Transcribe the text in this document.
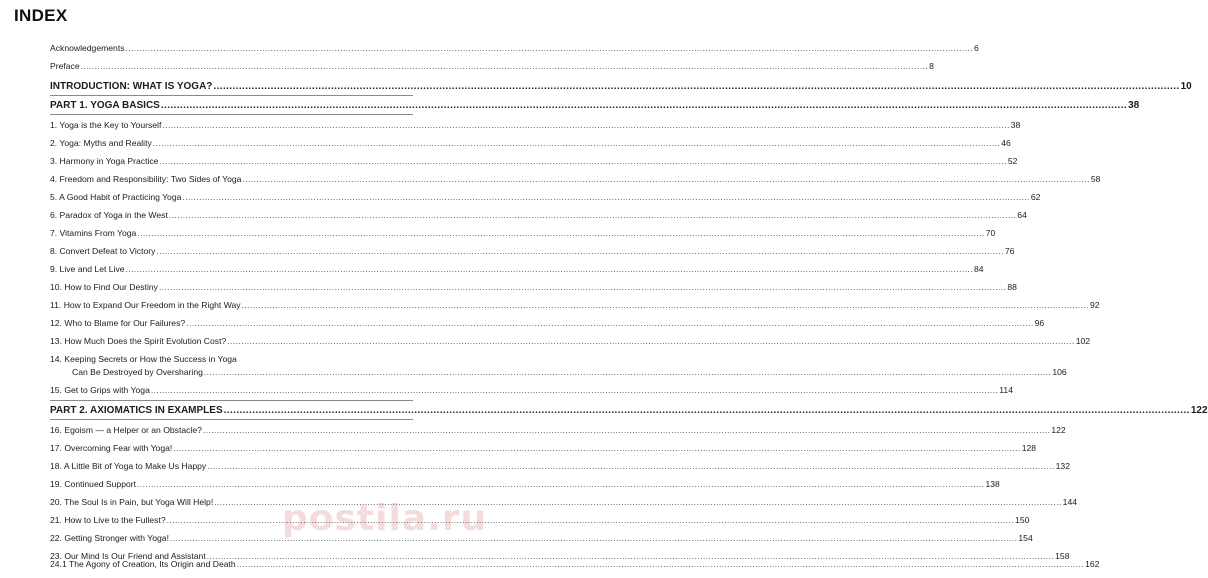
INDEX
Acknowledgements .....	6
Preface .....	8
INTRODUCTION: WHAT IS YOGA? .....	10
PART 1. YOGA BASICS .....	38
1. Yoga is the Key to Yourself .....	38
2. Yoga: Myths and Reality .....	46
3. Harmony in Yoga Practice .....	52
4. Freedom and Responsibility: Two Sides of Yoga .....	58
5. A Good Habit of Practicing Yoga .....	62
6. Paradox of Yoga in the West .....	64
7. Vitamins From Yoga .....	70
8. Convert Defeat to Victory .....	76
9. Live and Let Live .....	84
10. How to Find Our Destiny .....	88
11. How to Expand Our Freedom in the Right Way .....	92
12. Who to Blame for Our Failures? .....	96
13. How Much Does the Spirit Evolution Cost? .....	102
14. Keeping Secrets or How the Success in Yoga
Can Be Destroyed by Oversharing .....	106
15. Get to Grips with Yoga .....	114
PART 2. AXIOMATICS IN EXAMPLES .....	122
16. Egoism — a Helper or an Obstacle? .....	122
17. Overcoming Fear with Yoga! .....	128
18. A Little Bit of Yoga to Make Us Happy .....	132
19. Continued Support .....	138
20. The Soul Is in Pain, but Yoga Will Help! .....	144
21. How to Live to the Fullest? .....	150
22. Getting Stronger with Yoga! .....	154
23. Our Mind Is Our Friend and Assistant .....	158
24.1 The Agony of Creation, Its Origin and Death .....	162
postila.ru
